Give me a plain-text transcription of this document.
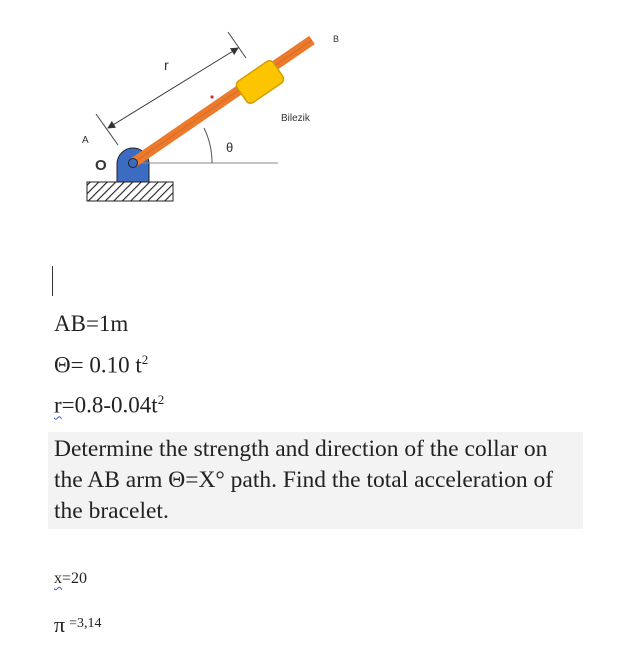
r
B
A
O
θ
Bilezik
AB=1m
Θ= 0.10 $t^2$
$r=0.8-0.04t^2$
Determine the strength and direction of the collar on the AB arm Θ=X° path. Find the total acceleration of the bracelet.
x=20
π =3,14
